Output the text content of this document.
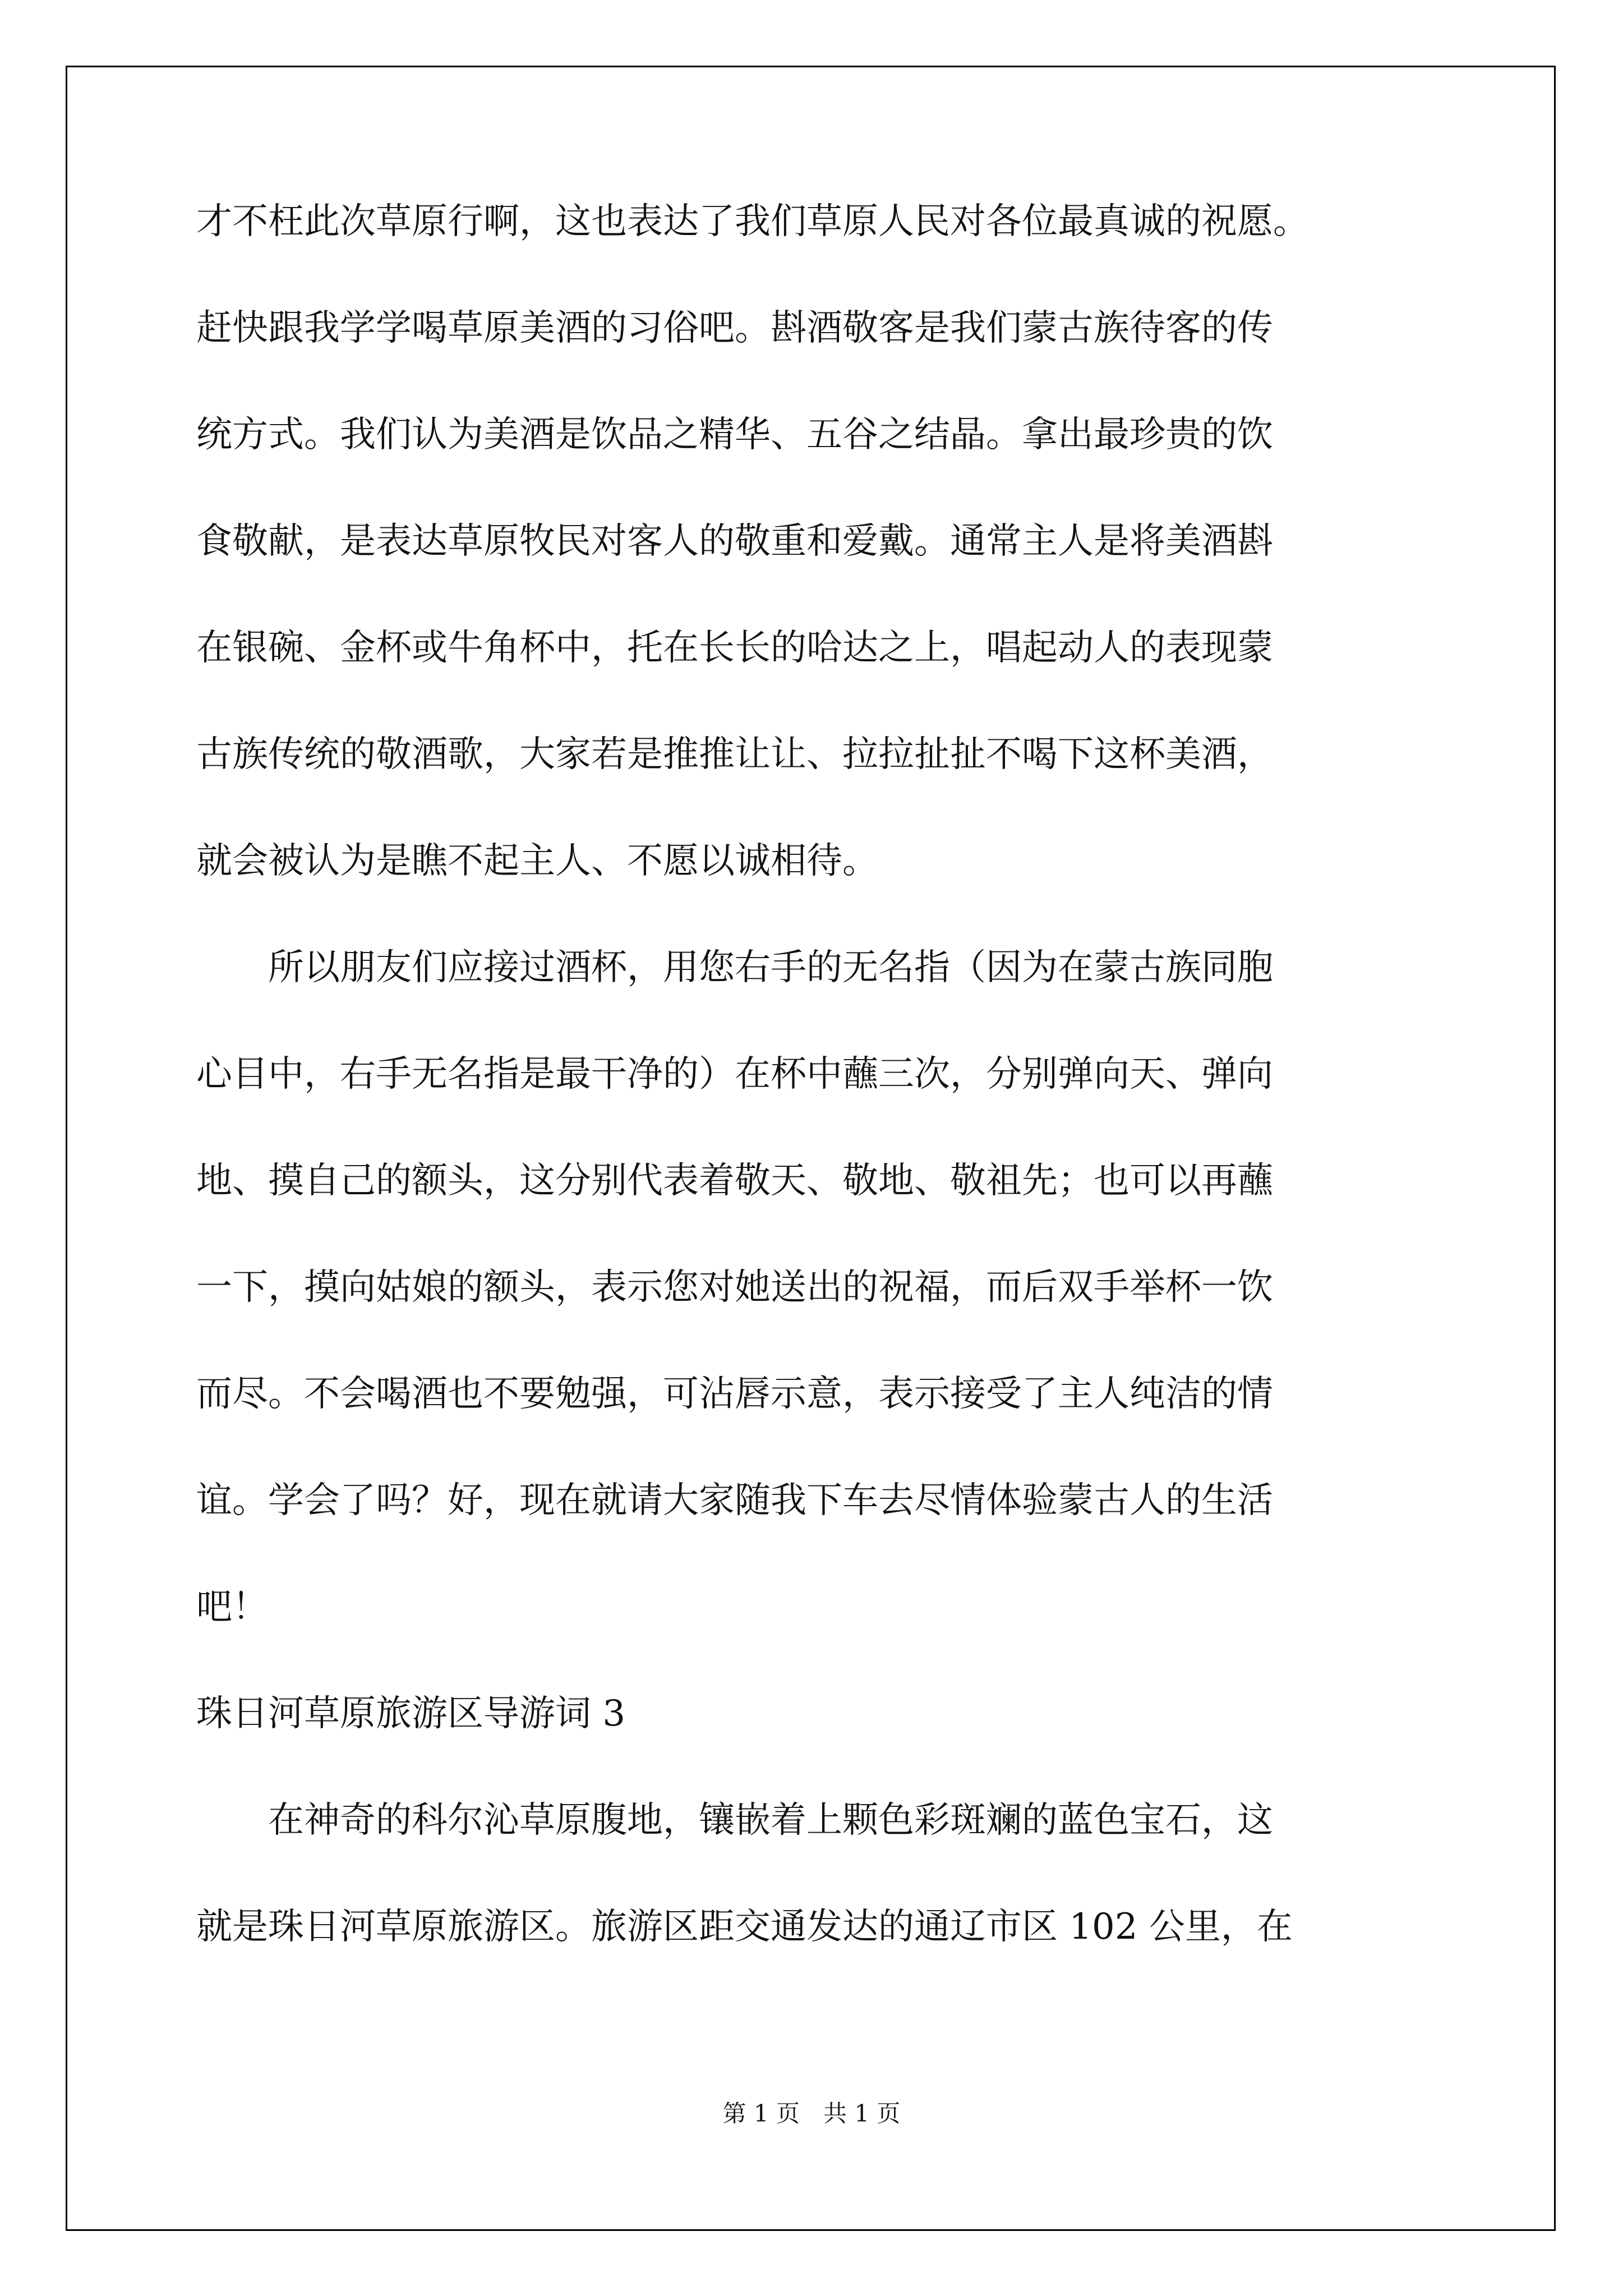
才不枉此次草原行啊，这也表达了我们草原人民对各位最真诚的祝愿。
赶快跟我学学喝草原美酒的习俗吧。斟酒敬客是我们蒙古族待客的传
统方式。我们认为美酒是饮品之精华、五谷之结晶。拿出最珍贵的饮
食敬献，是表达草原牧民对客人的敬重和爱戴。通常主人是将美酒斟
在银碗、金杯或牛角杯中，托在长长的哈达之上，唱起动人的表现蒙
古族传统的敬酒歌，大家若是推推让让、拉拉扯扯不喝下这杯美酒，
就会被认为是瞧不起主人、不愿以诚相待。
所以朋友们应接过酒杯，用您右手的无名指（因为在蒙古族同胞
心目中，右手无名指是最干净的）在杯中蘸三次，分别弹向天、弹向
地、摸自己的额头，这分别代表着敬天、敬地、敬祖先；也可以再蘸
一下，摸向姑娘的额头，表示您对她送出的祝福，而后双手举杯一饮
而尽。不会喝酒也不要勉强，可沾唇示意，表示接受了主人纯洁的情
谊。学会了吗？好，现在就请大家随我下车去尽情体验蒙古人的生活
吧！
珠日河草原旅游区导游词 3
在神奇的科尔沁草原腹地，镶嵌着上颗色彩斑斓的蓝色宝石，这
就是珠日河草原旅游区。旅游区距交通发达的通辽市区 102 公里，在
第 1 页　共 1 页
